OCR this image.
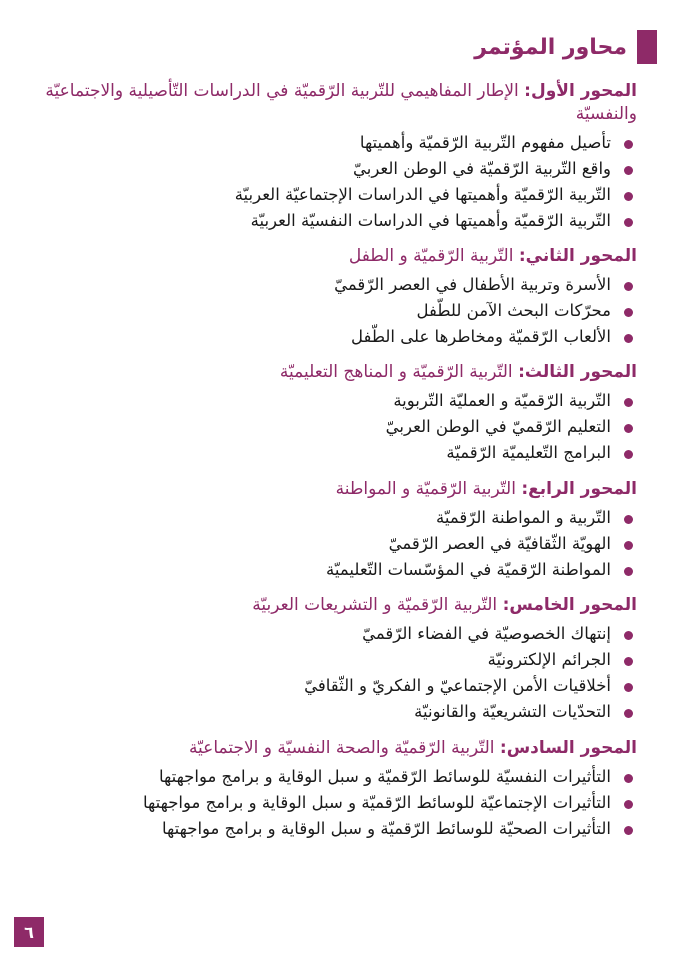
محاور المؤتمر
المحور الأول: الإطار المفاهيمي للتّربية الرّقميّة في الدراسات التّأصيلية والاجتماعيّة والنفسيّة
تأصيل مفهوم التّربية الرّقميّة وأهميتها
واقع التّربية الرّقميّة في الوطن العربيّ
التّربية الرّقميّة وأهميتها في الدراسات الإجتماعيّة العربيّة
التّربية الرّقميّة وأهميتها في الدراسات النفسيّة العربيّة
المحور الثاني: التّربية الرّقميّة و الطفل
الأسرة وتربية الأطفال في العصر الرّقميّ
محرّكات البحث الآمن للطّفل
الألعاب الرّقميّة ومخاطرها على الطّفل
المحور الثالث: التّربية الرّقميّة و المناهج التعليميّة
التّربية الرّقميّة و العمليّة التّربوية
التعليم الرّقميّ في الوطن العربيّ
البرامج التّعليميّة الرّقميّة
المحور الرابع: التّربية الرّقميّة و المواطنة
التّربية و المواطنة الرّقميّة
الهويّة الثّقافيّة في العصر الرّقميّ
المواطنة الرّقميّة في المؤسّسات التّعليميّة
المحور الخامس: التّربية الرّقميّة و التشريعات العربيّة
إنتهاك الخصوصيّة في الفضاء الرّقميّ
الجرائم الإلكترونيّة
أخلاقيات الأمن الإجتماعيّ و الفكريّ و الثّقافيّ
التحدّيات التشريعيّة والقانونيّة
المحور السادس: التّربية الرّقميّة والصحة النفسيّة و الاجتماعيّة
التأثيرات النفسيّة للوسائط الرّقميّة و سبل الوقاية و برامج مواجهتها
التأثيرات الإجتماعيّة للوسائط الرّقميّة و سبل الوقاية و برامج مواجهتها
التأثيرات الصحيّة للوسائط الرّقميّة و سبل الوقاية و برامج مواجهتها
٦
